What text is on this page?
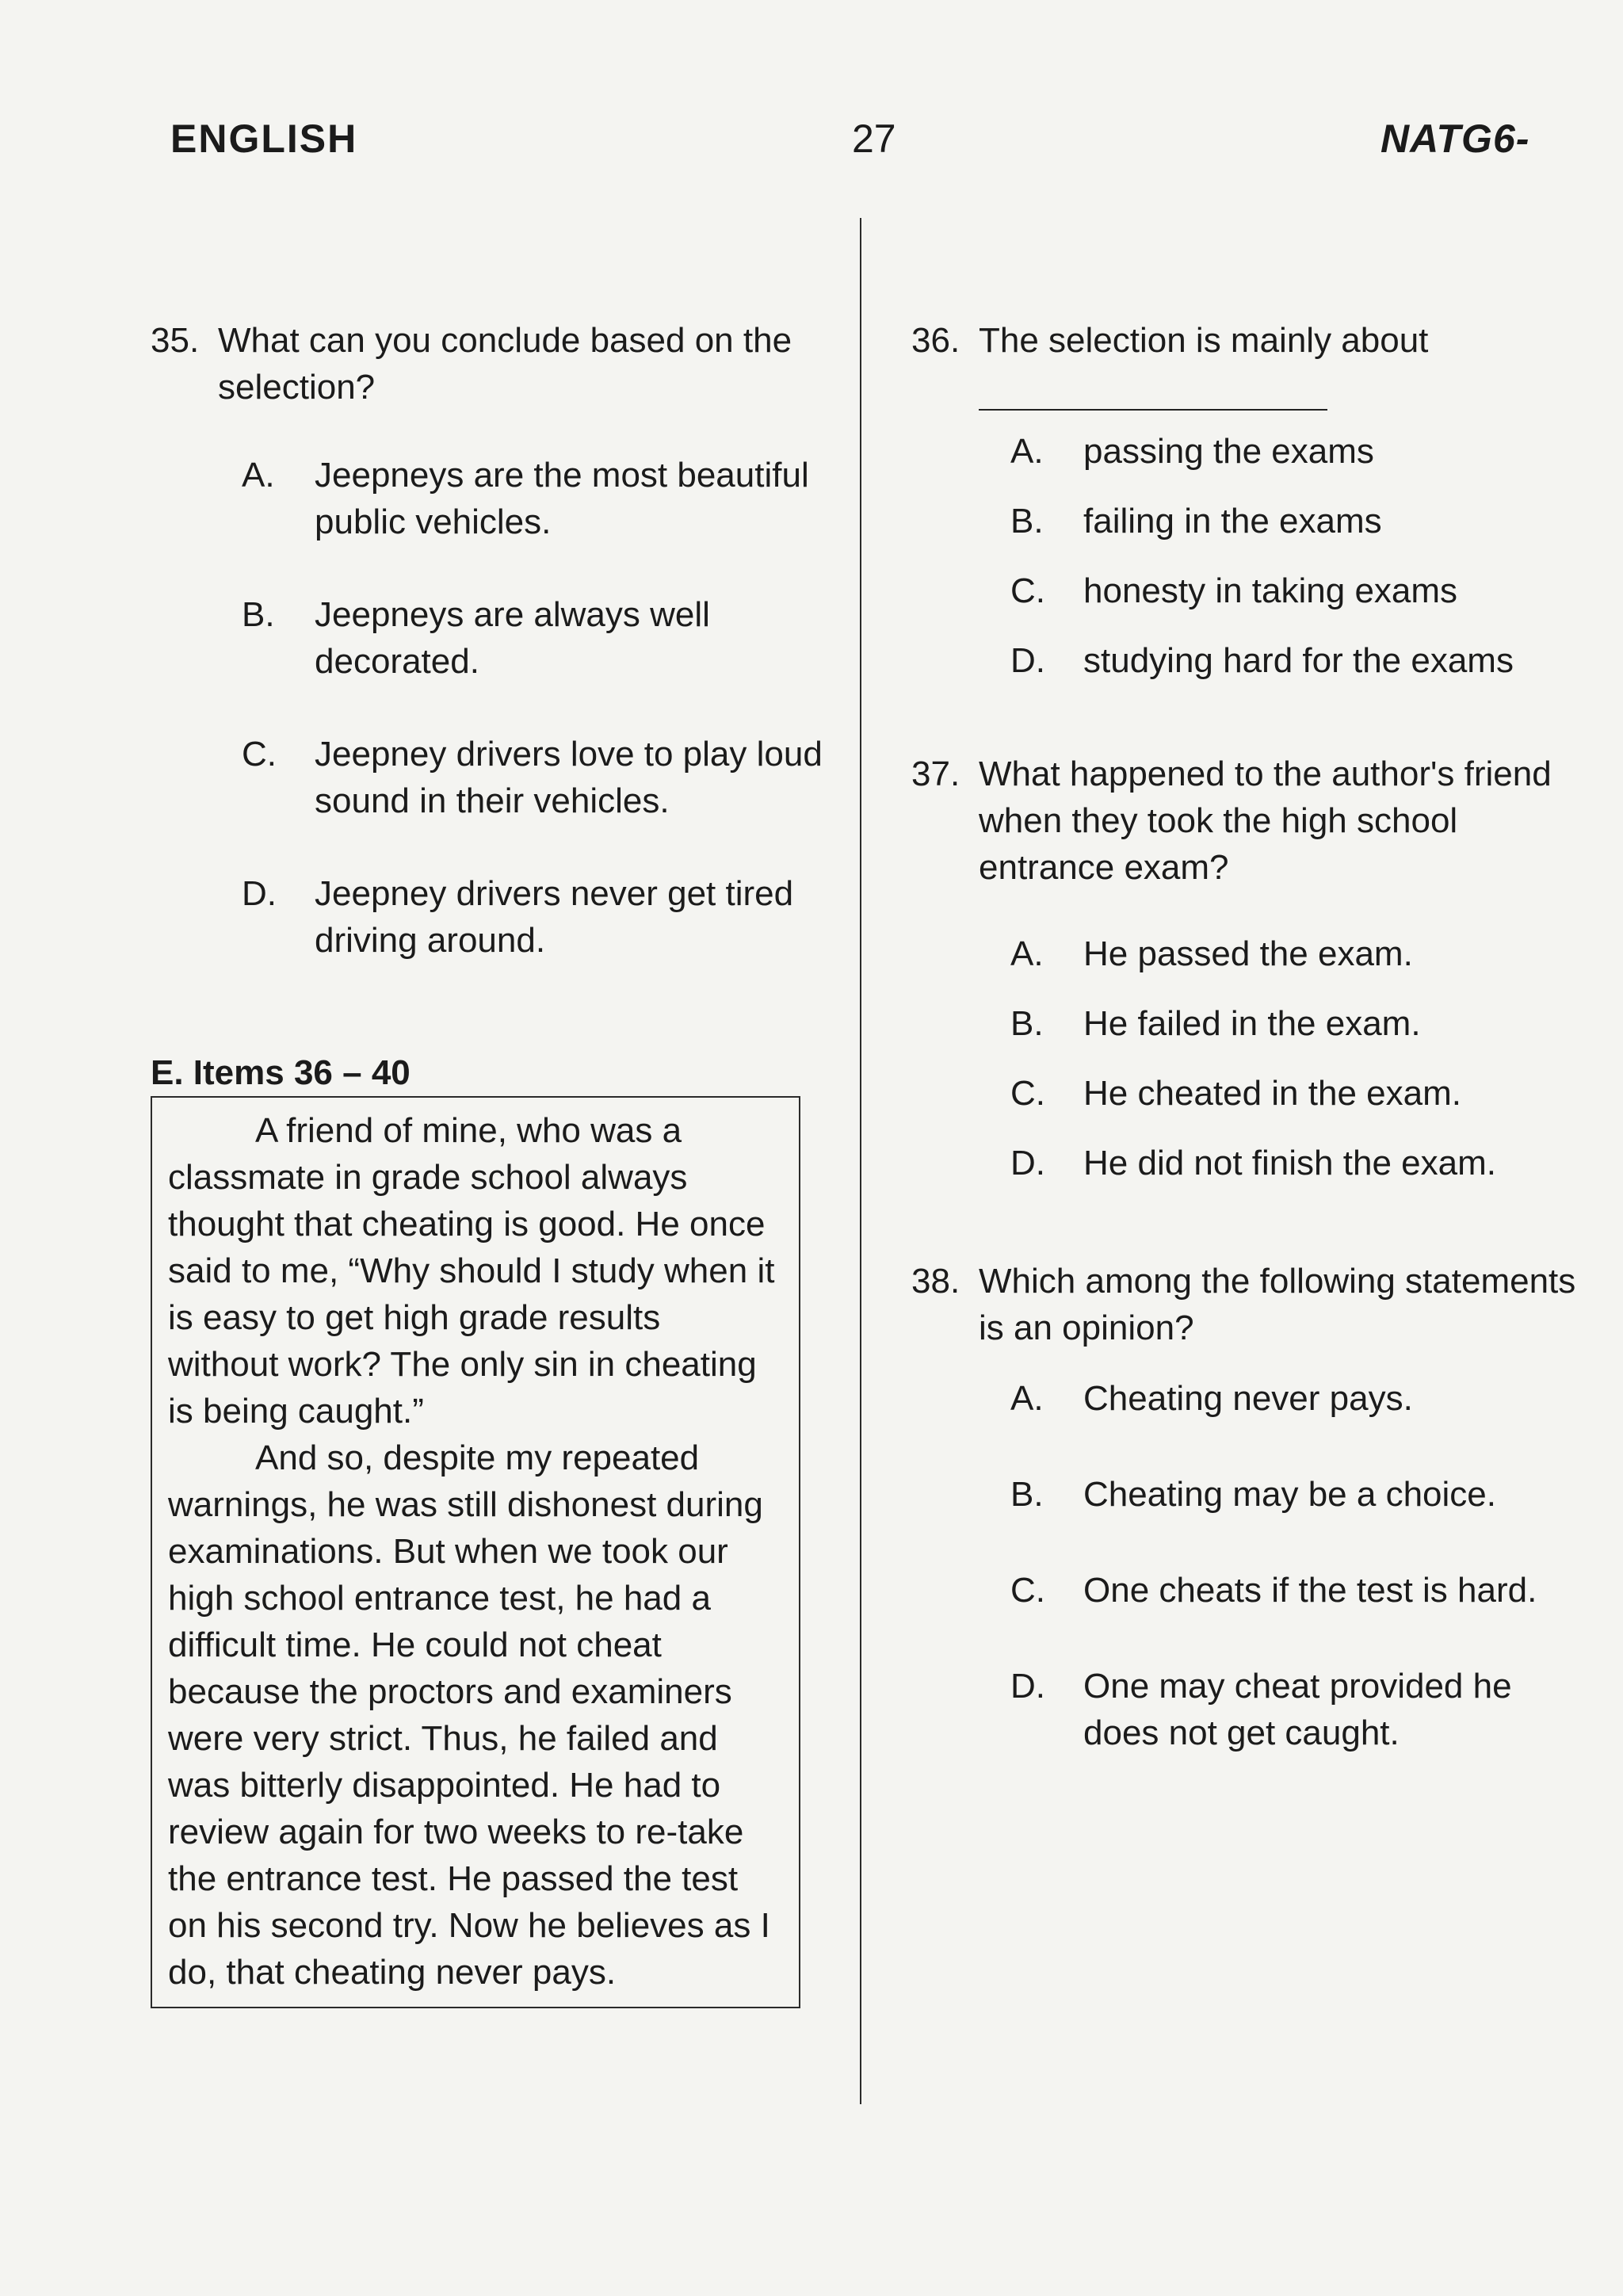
ENGLISH	27	NATG6-
35. What can you conclude based on the selection?
A.	Jeepneys are the most beautiful public vehicles.
B.	Jeepneys are always well decorated.
C.	Jeepney drivers love to play loud sound in their vehicles.
D.	Jeepney drivers never get tired driving around.
E. Items 36 – 40

A friend of mine, who was a classmate in grade school always thought that cheating is good. He once said to me, “Why should I study when it is easy to get high grade results without work? The only sin in cheating is being caught.”

And so, despite my repeated warnings, he was still dishonest during examinations. But when we took our high school entrance test, he had a difficult time. He could not cheat because the proctors and examiners were very strict. Thus, he failed and was bitterly disappointed. He had to review again for two weeks to re-take the entrance test. He passed the test on his second try. Now he believes as I do, that cheating never pays.

36. The selection is mainly about

A.	passing the exams
B.	failing in the exams
C.	honesty in taking exams
D.	studying hard for the exams
37. What happened to the author's friend when they took the high school entrance exam?
A.	He passed the exam.
B.	He failed in the exam.
C.	He cheated in the exam.
D.	He did not finish the exam.
38. Which among the following statements is an opinion?
A.	Cheating never pays.
B.	Cheating may be a choice.
C.	One cheats if the test is hard.
D.	One may cheat provided he does not get caught.
